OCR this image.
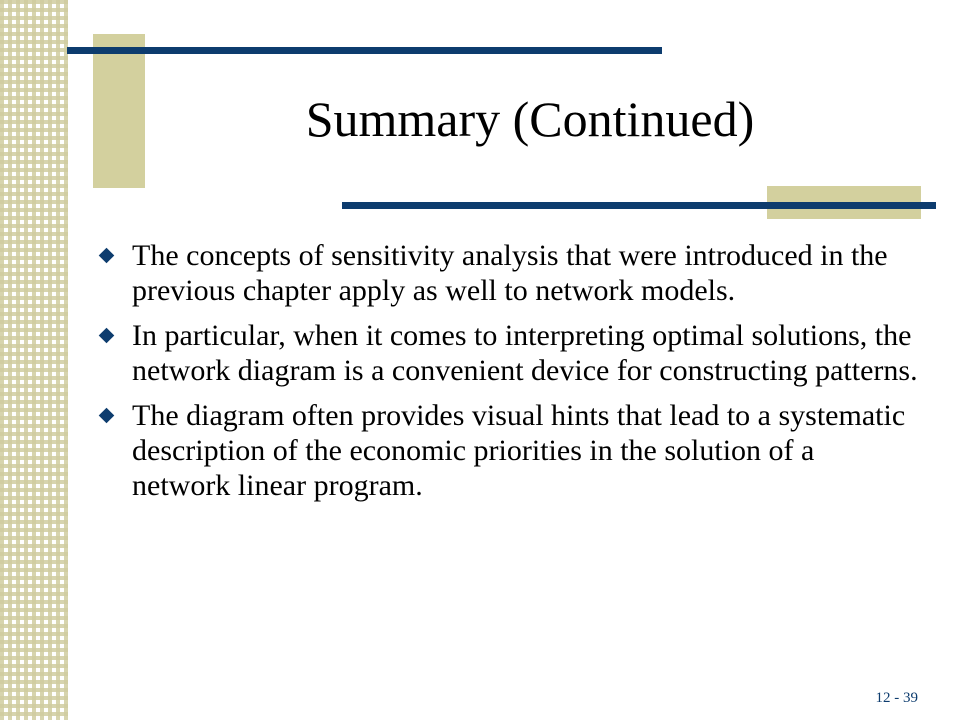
Summary (Continued)
The concepts of sensitivity analysis that were introduced in the previous chapter apply as well to network models.
In particular, when it comes to interpreting optimal solutions, the network diagram is a convenient device for constructing patterns.
The diagram often provides visual hints that lead to a systematic description of the economic priorities in the solution of a network linear program.
12 - 39
